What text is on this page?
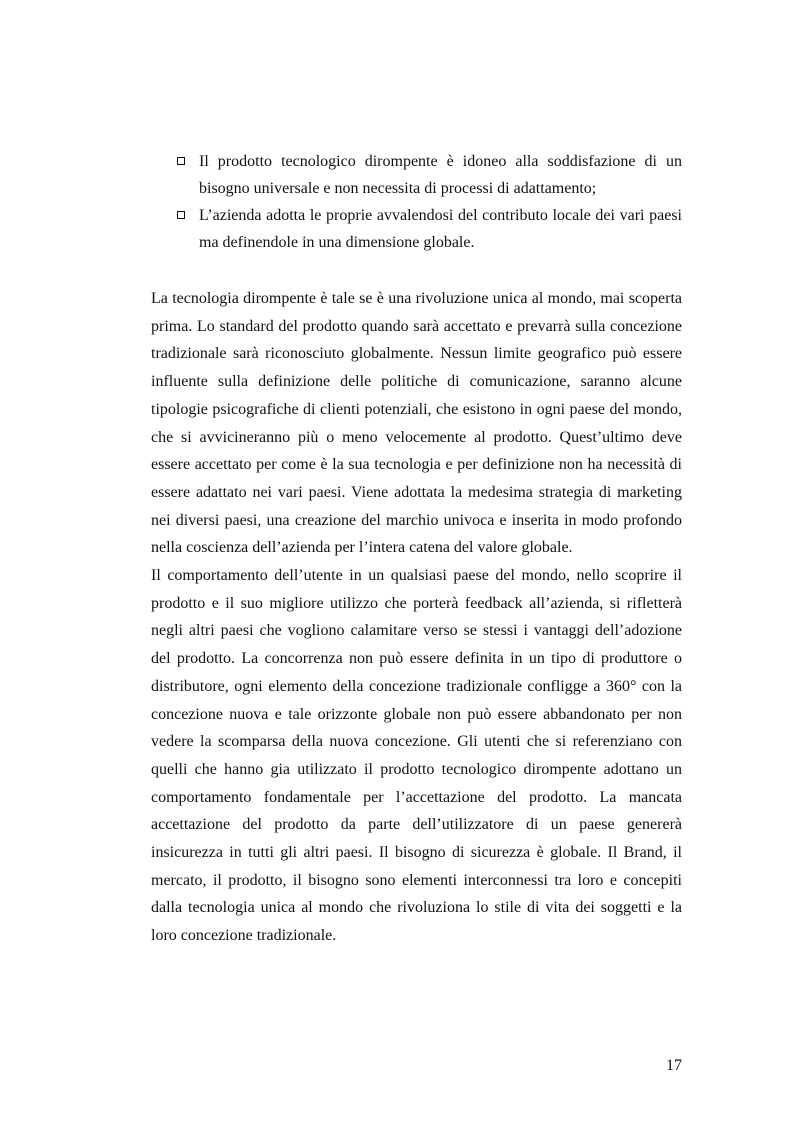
Il prodotto tecnologico dirompente è idoneo alla soddisfazione di un bisogno universale e non necessita di processi di adattamento;
L’azienda adotta le proprie avvalendosi del contributo locale dei vari paesi ma definendole in una dimensione globale.

La tecnologia dirompente è tale se è una rivoluzione unica al mondo, mai scoperta prima. Lo standard del prodotto quando sarà accettato e prevarrà sulla concezione tradizionale sarà riconosciuto globalmente. Nessun limite geografico può essere influente sulla definizione delle politiche di comunicazione, saranno alcune tipologie psicografiche di clienti potenziali, che esistono in ogni paese del mondo, che si avvicineranno più o meno velocemente al prodotto. Quest’ultimo deve essere accettato per come è la sua tecnologia e per definizione non ha necessità di essere adattato nei vari paesi. Viene adottata la medesima strategia di marketing nei diversi paesi, una creazione del marchio univoca e inserita in modo profondo nella coscienza dell’azienda per l’intera catena del valore globale.

Il comportamento dell’utente in un qualsiasi paese del mondo, nello scoprire il prodotto e il suo migliore utilizzo che porterà feedback all’azienda, si rifletterà negli altri paesi che vogliono calamitare verso se stessi i vantaggi dell’adozione del prodotto. La concorrenza non può essere definita in un tipo di produttore o distributore, ogni elemento della concezione tradizionale confligge a 360° con la concezione nuova e tale orizzonte globale non può essere abbandonato per non vedere la scomparsa della nuova concezione. Gli utenti che si referenziano con quelli che hanno gia utilizzato il prodotto tecnologico dirompente adottano un comportamento fondamentale per l’accettazione del prodotto. La mancata accettazione del prodotto da parte dell’utilizzatore di un paese genererà insicurezza in tutti gli altri paesi. Il bisogno di sicurezza è globale. Il Brand, il mercato, il prodotto, il bisogno sono elementi interconnessi tra loro e concepiti dalla tecnologia unica al mondo che rivoluziona lo stile di vita dei soggetti e la loro concezione tradizionale.

17
